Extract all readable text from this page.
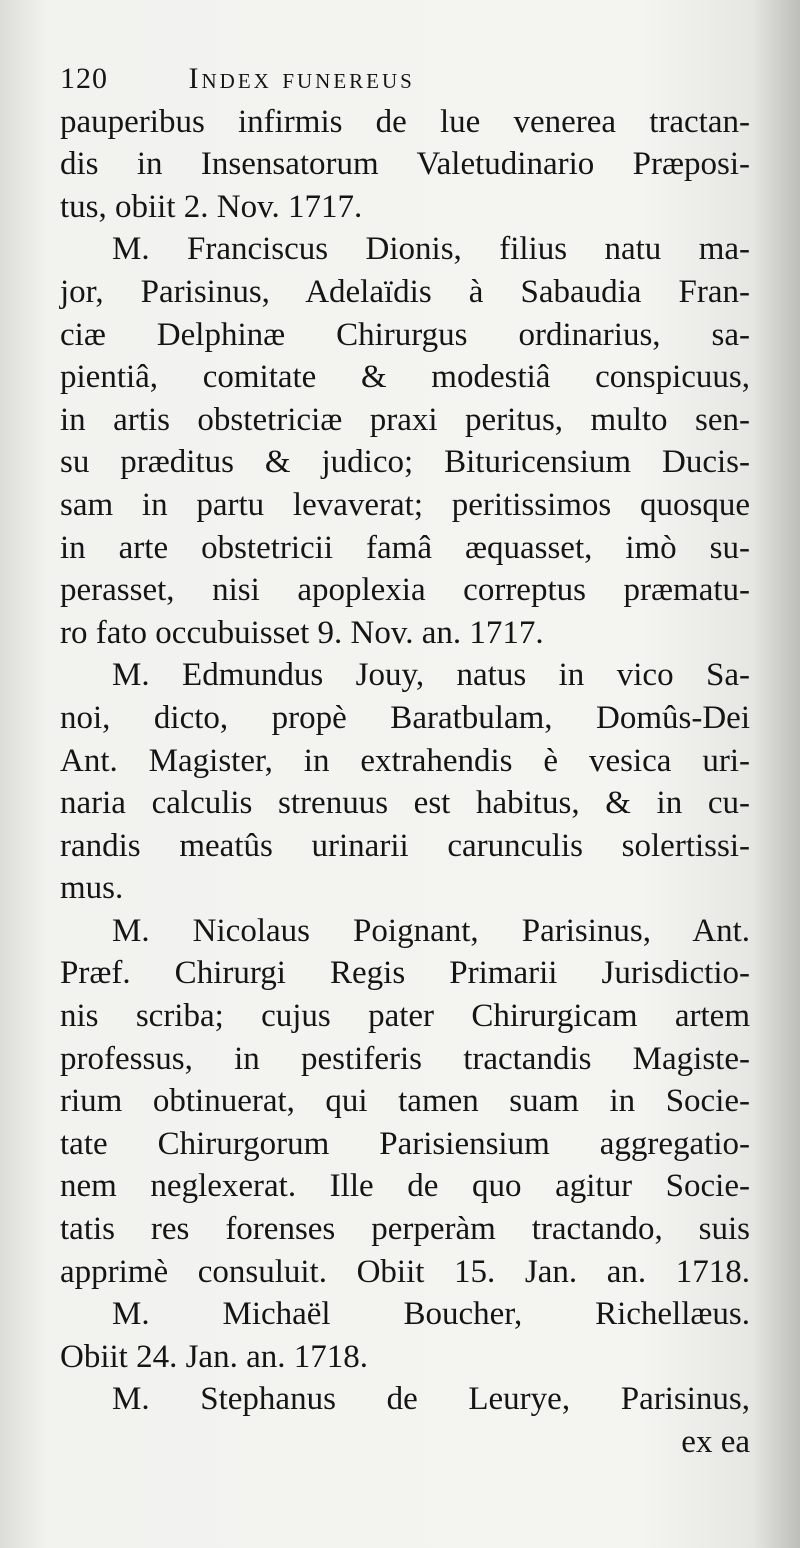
120	Index funereus
pauperibus infirmis de lue venerea tractan-
dis in Insensatorum Valetudinario Præposi-
tus, obiit 2. Nov. 1717.
M. Franciscus Dionis, filius natu ma-
jor, Parisinus, Adelaïdis à Sabaudia Fran-
ciæ Delphinæ Chirurgus ordinarius, sa-
pientiâ, comitate & modestiâ conspicuus,
in artis obstetriciæ praxi peritus, multo sen-
su præditus & judico; Bituricensium Ducis-
sam in partu levaverat; peritissimos quosque
in arte obstetricii famâ æquasset, imò su-
perasset, nisi apoplexia correptus præmatu-
ro fato occubuisset 9. Nov. an. 1717.
M. Edmundus Jouy, natus in vico Sa-
noi, dicto, propè Baratbulam, Domûs-Dei
Ant. Magister, in extrahendis è vesica uri-
naria calculis strenuus est habitus, & in cu-
randis meatûs urinarii carunculis solertissi-
mus.
M. Nicolaus Poignant, Parisinus, Ant.
Præf. Chirurgi Regis Primarii Jurisdictio-
nis scriba; cujus pater Chirurgicam artem
professus, in pestiferis tractandis Magiste-
rium obtinuerat, qui tamen suam in Socie-
tate Chirurgorum Parisiensium aggregatio-
nem neglexerat. Ille de quo agitur Socie-
tatis res forenses perperàm tractando, suis
apprimè consuluit. Obiit 15. Jan. an. 1718.
M. Michaël Boucher, Richellæus.
Obiit 24. Jan. an. 1718.
M. Stephanus de Leurye, Parisinus,
ex ea
